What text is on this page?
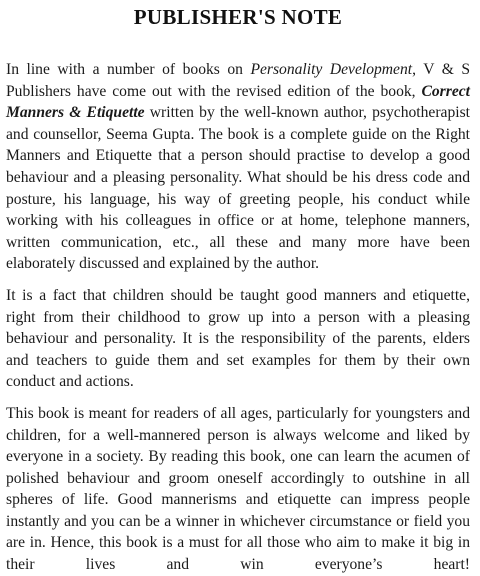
PUBLISHER'S NOTE

In line with a number of books on Personality Development, V & S Publishers have come out with the revised edition of the book, Correct Manners & Etiquette written by the well-known author, psychotherapist and counsellor, Seema Gupta. The book is a complete guide on the Right Manners and Etiquette that a person should practise to develop a good behaviour and a pleasing personality. What should be his dress code and posture, his language, his way of greeting people, his conduct while working with his colleagues in office or at home, telephone manners, written communication, etc., all these and many more have been elaborately discussed and explained by the author.

It is a fact that children should be taught good manners and etiquette, right from their childhood to grow up into a person with a pleasing behaviour and personality. It is the responsibility of the parents, elders and teachers to guide them and set examples for them by their own conduct and actions.

This book is meant for readers of all ages, particularly for youngsters and children, for a well-mannered person is always welcome and liked by everyone in a society. By reading this book, one can learn the acumen of polished behaviour and groom oneself accordingly to outshine in all spheres of life. Good mannerisms and etiquette can impress people instantly and you can be a winner in whichever circumstance or field you are in. Hence, this book is a must for all those who aim to make it big in their lives and win everyone’s heart!
